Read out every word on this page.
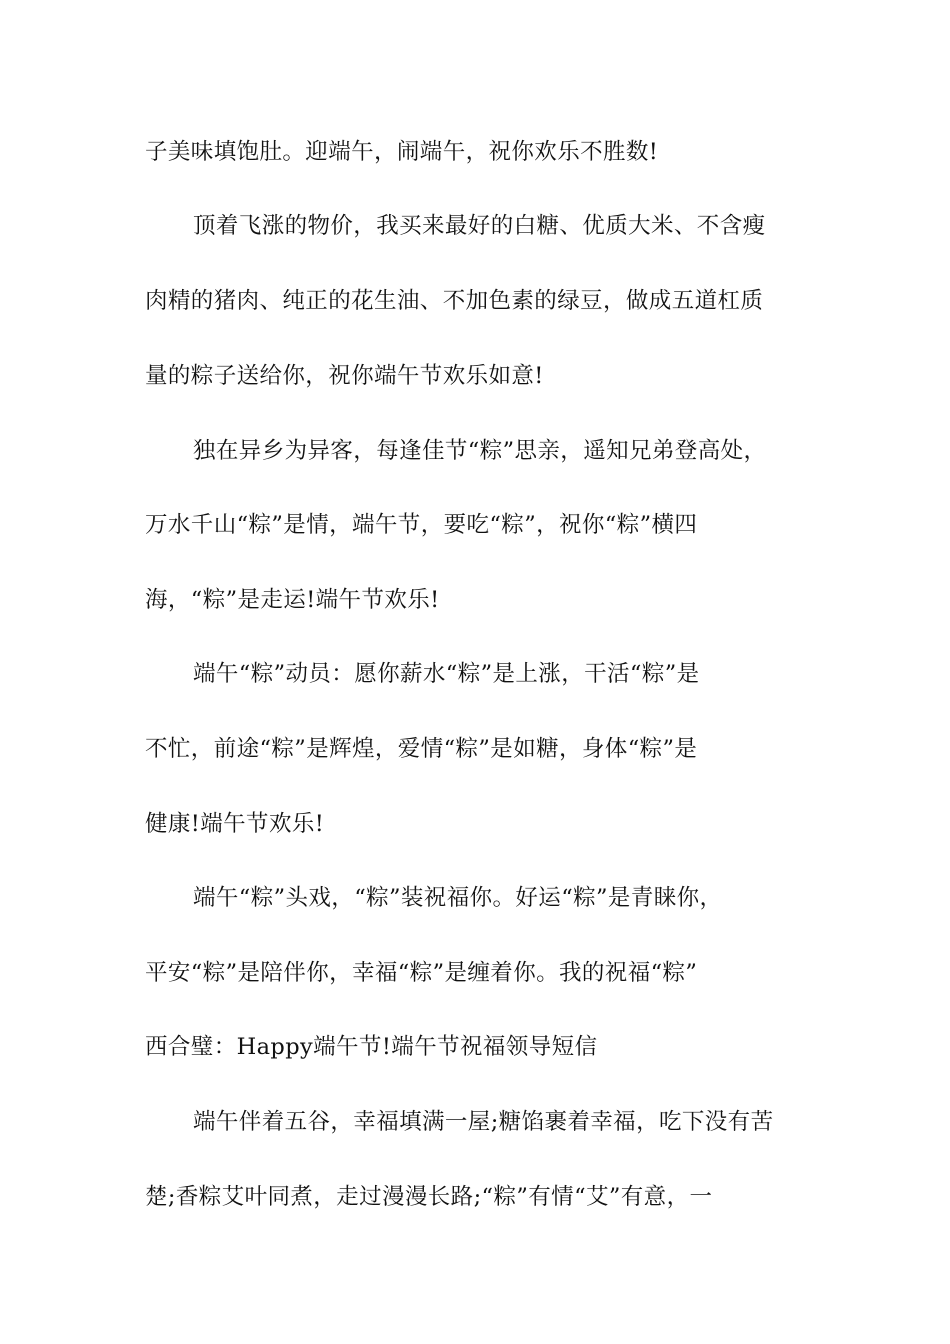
子美味填饱肚。迎端午，闹端午，祝你欢乐不胜数!

顶着飞涨的物价，我买来最好的白糖、优质大米、不含瘦

肉精的猪肉、纯正的花生油、不加色素的绿豆，做成五道杠质

量的粽子送给你，祝你端午节欢乐如意!

独在异乡为异客，每逢佳节“粽”思亲，遥知兄弟登高处，

万水千山“粽”是情，端午节，要吃“粽”，祝你“粽”横四

海，“粽”是走运!端午节欢乐!

端午“粽”动员：愿你薪水“粽”是上涨，干活“粽”是

不忙，前途“粽”是辉煌，爱情“粽”是如糖，身体“粽”是

健康!端午节欢乐!

端午“粽”头戏，“粽”装祝福你。好运“粽”是青睐你，

平安“粽”是陪伴你，幸福“粽”是缠着你。我的祝福“粽”

西合璧：Happy端午节!端午节祝福领导短信

端午伴着五谷，幸福填满一屋;糖馅裹着幸福，吃下没有苦

楚;香粽艾叶同煮，走过漫漫长路;“粽”有情“艾”有意，一
